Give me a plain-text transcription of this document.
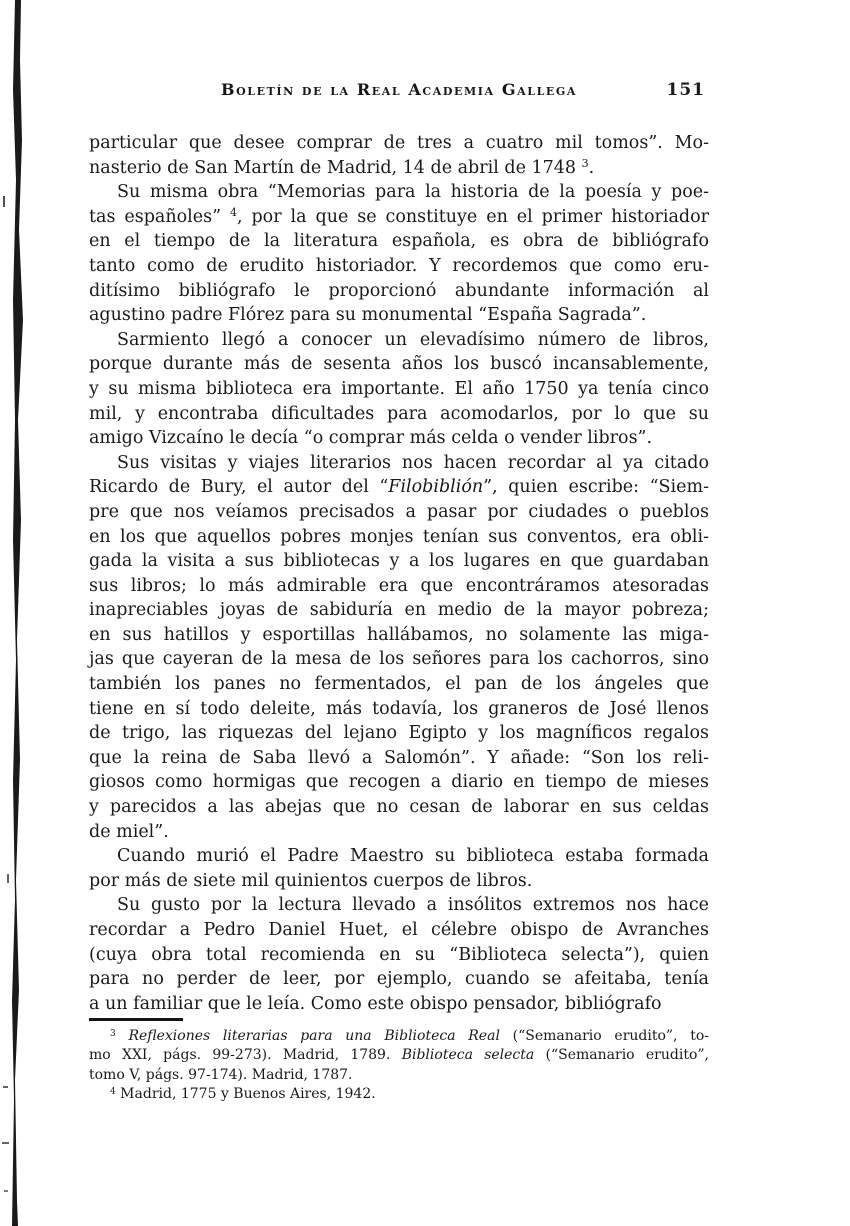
Boletín de la Real Academia Gallega	151
particular que desee comprar de tres a cuatro mil tomos”. Mo-
nasterio de San Martín de Madrid, 14 de abril de 1748 $^3$.
Su misma obra “Memorias para la historia de la poesía y poe-
tas españoles” $^4$, por la que se constituye en el primer historiador
en el tiempo de la literatura española, es obra de bibliógrafo
tanto como de erudito historiador. Y recordemos que como eru-
ditísimo bibliógrafo le proporcionó abundante información al
agustino padre Flórez para su monumental “España Sagrada”.
Sarmiento llegó a conocer un elevadísimo número de libros,
porque durante más de sesenta años los buscó incansablemente,
y su misma biblioteca era importante. El año 1750 ya tenía cinco
mil, y encontraba dificultades para acomodarlos, por lo que su
amigo Vizcaíno le decía “o comprar más celda o vender libros”.
Sus visitas y viajes literarios nos hacen recordar al ya citado
Ricardo de Bury, el autor del “Filobiblión”, quien escribe: “Siem-
pre que nos veíamos precisados a pasar por ciudades o pueblos
en los que aquellos pobres monjes tenían sus conventos, era obli-
gada la visita a sus bibliotecas y a los lugares en que guardaban
sus libros; lo más admirable era que encontráramos atesoradas
inapreciables joyas de sabiduría en medio de la mayor pobreza;
en sus hatillos y esportillas hallábamos, no solamente las miga-
jas que cayeran de la mesa de los señores para los cachorros, sino
también los panes no fermentados, el pan de los ángeles que
tiene en sí todo deleite, más todavía, los graneros de José llenos
de trigo, las riquezas del lejano Egipto y los magníficos regalos
que la reina de Saba llevó a Salomón”. Y añade: “Son los reli-
giosos como hormigas que recogen a diario en tiempo de mieses
y parecidos a las abejas que no cesan de laborar en sus celdas
de miel”.
Cuando murió el Padre Maestro su biblioteca estaba formada
por más de siete mil quinientos cuerpos de libros.
Su gusto por la lectura llevado a insólitos extremos nos hace
recordar a Pedro Daniel Huet, el célebre obispo de Avranches
(cuya obra total recomienda en su “Biblioteca selecta”), quien
para no perder de leer, por ejemplo, cuando se afeitaba, tenía
a un familiar que le leía. Como este obispo pensador, bibliógrafo
$^3$ Reflexiones literarias para una Biblioteca Real (“Semanario erudito”, to-
mo XXI, págs. 99-273). Madrid, 1789. Biblioteca selecta (“Semanario erudito”,
tomo V, págs. 97-174). Madrid, 1787.
$^4$ Madrid, 1775 y Buenos Aires, 1942.
